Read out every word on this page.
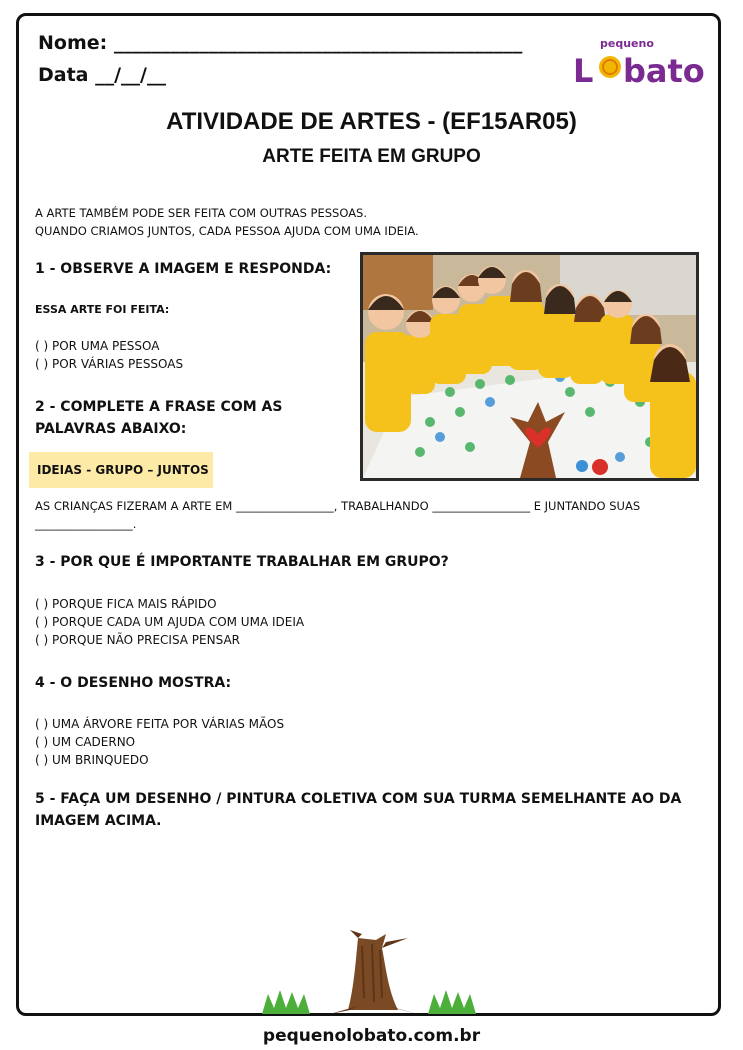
Nome: ___________________________________________
Data __/__/__
pequeno
L bato
ATIVIDADE DE ARTES - (EF15AR05)
ARTE FEITA EM GRUPO
A ARTE TAMBÉM PODE SER FEITA COM OUTRAS PESSOAS.
QUANDO CRIAMOS JUNTOS, CADA PESSOA AJUDA COM UMA IDEIA.
1 - OBSERVE A IMAGEM E RESPONDA:
ESSA ARTE FOI FEITA:
( ) POR UMA PESSOA
( ) POR VÁRIAS PESSOAS
2 - COMPLETE A FRASE COM AS
PALAVRAS ABAIXO:
IDEIAS - GRUPO – JUNTOS
AS CRIANÇAS FIZERAM A ARTE EM _________________, TRABALHANDO _________________ E JUNTANDO SUAS
_________________.
3 - POR QUE É IMPORTANTE TRABALHAR EM GRUPO?
( ) PORQUE FICA MAIS RÁPIDO
( ) PORQUE CADA UM AJUDA COM UMA IDEIA
( ) PORQUE NÃO PRECISA PENSAR
4 - O DESENHO MOSTRA:
( ) UMA ÁRVORE FEITA POR VÁRIAS MÃOS
( ) UM CADERNO
( ) UM BRINQUEDO
5 - FAÇA UM DESENHO / PINTURA COLETIVA COM SUA TURMA SEMELHANTE AO DA
IMAGEM ACIMA.
pequenolobato.com.br
